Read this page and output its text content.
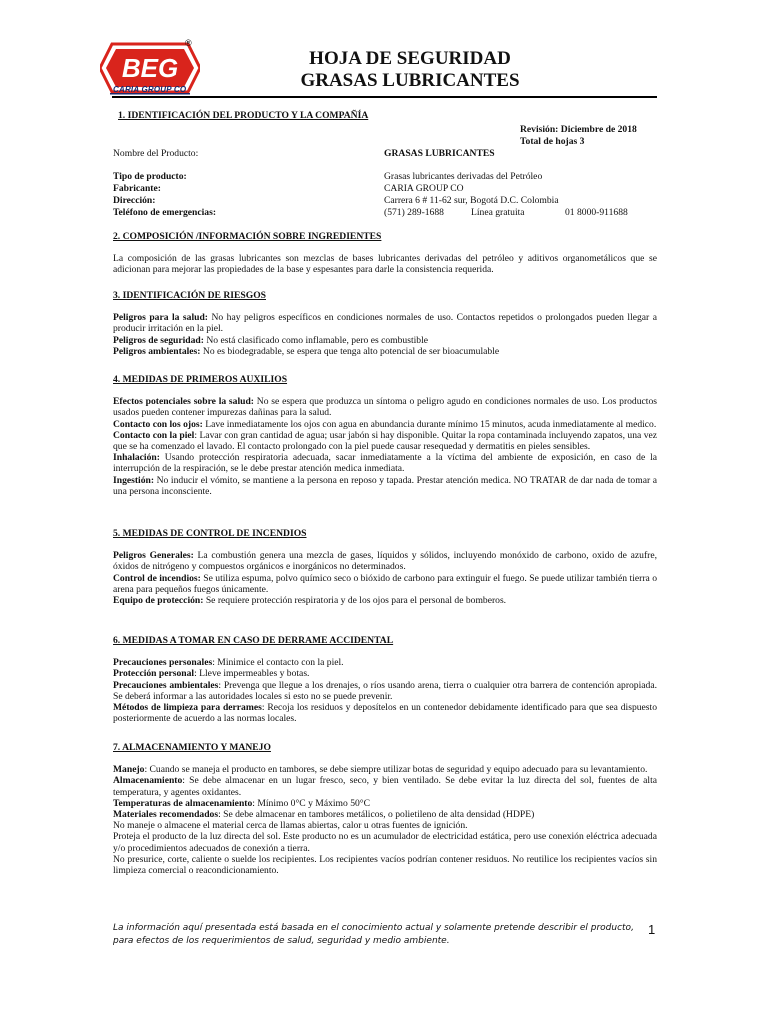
BEG
®
CARIA GROUP CO
HOJA DE SEGURIDAD
GRASAS LUBRICANTES
1. IDENTIFICACIÓN DEL PRODUCTO Y LA COMPAÑÍA
Revisión: Diciembre de 2018
Total de hojas 3
Nombre del Producto:	GRASAS LUBRICANTES
Tipo de producto:	Grasas lubricantes derivadas del Petróleo
Fabricante:	CARIA GROUP CO
Dirección:	Carrera 6 # 11-62 sur, Bogotá D.C. Colombia
Teléfono de emergencias:	(571) 289-1688	Línea gratuita	01 8000-911688
2. COMPOSICIÓN /INFORMACIÓN SOBRE INGREDIENTES
La composición de las grasas lubricantes son mezclas de bases lubricantes derivadas del petróleo y aditivos organometálicos que se adicionan para mejorar las propiedades de la base y espesantes para darle la consistencia requerida.
3. IDENTIFICACIÓN DE RIESGOS
Peligros para la salud: No hay peligros específicos en condiciones normales de uso. Contactos repetidos o prolongados pueden llegar a producir irritación en la piel.
Peligros de seguridad: No está clasificado como inflamable, pero es combustible
Peligros ambientales: No es biodegradable, se espera que tenga alto potencial de ser bioacumulable
4. MEDIDAS DE PRIMEROS AUXILIOS
Efectos potenciales sobre la salud: No se espera que produzca un síntoma o peligro agudo en condiciones normales de uso. Los productos usados pueden contener impurezas dañinas para la salud.
Contacto con los ojos: Lave inmediatamente los ojos con agua en abundancia durante mínimo 15 minutos, acuda inmediatamente al medico.
Contacto con la piel: Lavar con gran cantidad de agua; usar jabón si hay disponible. Quitar la ropa contaminada incluyendo zapatos, una vez que se ha comenzado el lavado. El contacto prolongado con la piel puede causar resequedad y dermatitis en pieles sensibles.
Inhalación: Usando protección respiratoria adecuada, sacar inmediatamente a la víctima del ambiente de exposición, en caso de la interrupción de la respiración, se le debe prestar atención medica inmediata.
Ingestión: No inducir el vómito, se mantiene a la persona en reposo y tapada. Prestar atención medica. NO TRATAR de dar nada de tomar a una persona inconsciente.
5. MEDIDAS DE CONTROL DE INCENDIOS
Peligros Generales: La combustión genera una mezcla de gases, líquidos y sólidos, incluyendo monóxido de carbono, oxido de azufre, óxidos de nitrógeno y compuestos orgánicos e inorgánicos no determinados.
Control de incendios: Se utiliza espuma, polvo químico seco o bióxido de carbono para extinguir el fuego. Se puede utilizar también tierra o arena para pequeños fuegos únicamente.
Equipo de protección: Se requiere protección respiratoria y de los ojos para el personal de bomberos.
6. MEDIDAS A TOMAR EN CASO DE DERRAME ACCIDENTAL
Precauciones personales: Minimice el contacto con la piel.
Protección personal: Lleve impermeables y botas.
Precauciones ambientales: Prevenga que llegue a los drenajes, o ríos usando arena, tierra o cualquier otra barrera de contención apropiada. Se deberá informar a las autoridades locales si esto no se puede prevenir.
Métodos de limpieza para derrames: Recoja los residuos y deposítelos en un contenedor debidamente identificado para que sea dispuesto posteriormente de acuerdo a las normas locales.
7. ALMACENAMIENTO Y MANEJO
Manejo: Cuando se maneja el producto en tambores, se debe siempre utilizar botas de seguridad y equipo adecuado para su levantamiento.
Almacenamiento: Se debe almacenar en un lugar fresco, seco, y bien ventilado. Se debe evitar la luz directa del sol, fuentes de alta temperatura, y agentes oxidantes.
Temperaturas de almacenamiento: Mínimo 0°C y Máximo 50°C
Materiales recomendados: Se debe almacenar en tambores metálicos, o polietileno de alta densidad (HDPE)
No maneje o almacene el material cerca de llamas abiertas, calor u otras fuentes de ignición.
Proteja el producto de la luz directa del sol. Este producto no es un acumulador de electricidad estática, pero use conexión eléctrica adecuada y/o procedimientos adecuados de conexión a tierra.
No presurice, corte, caliente o suelde los recipientes. Los recipientes vacíos podrían contener residuos. No reutilice los recipientes vacíos sin limpieza comercial o reacondicionamiento.
La información aquí presentada está basada en el conocimiento actual y solamente pretende describir el producto, para efectos de los requerimientos de salud, seguridad y medio ambiente.
1
